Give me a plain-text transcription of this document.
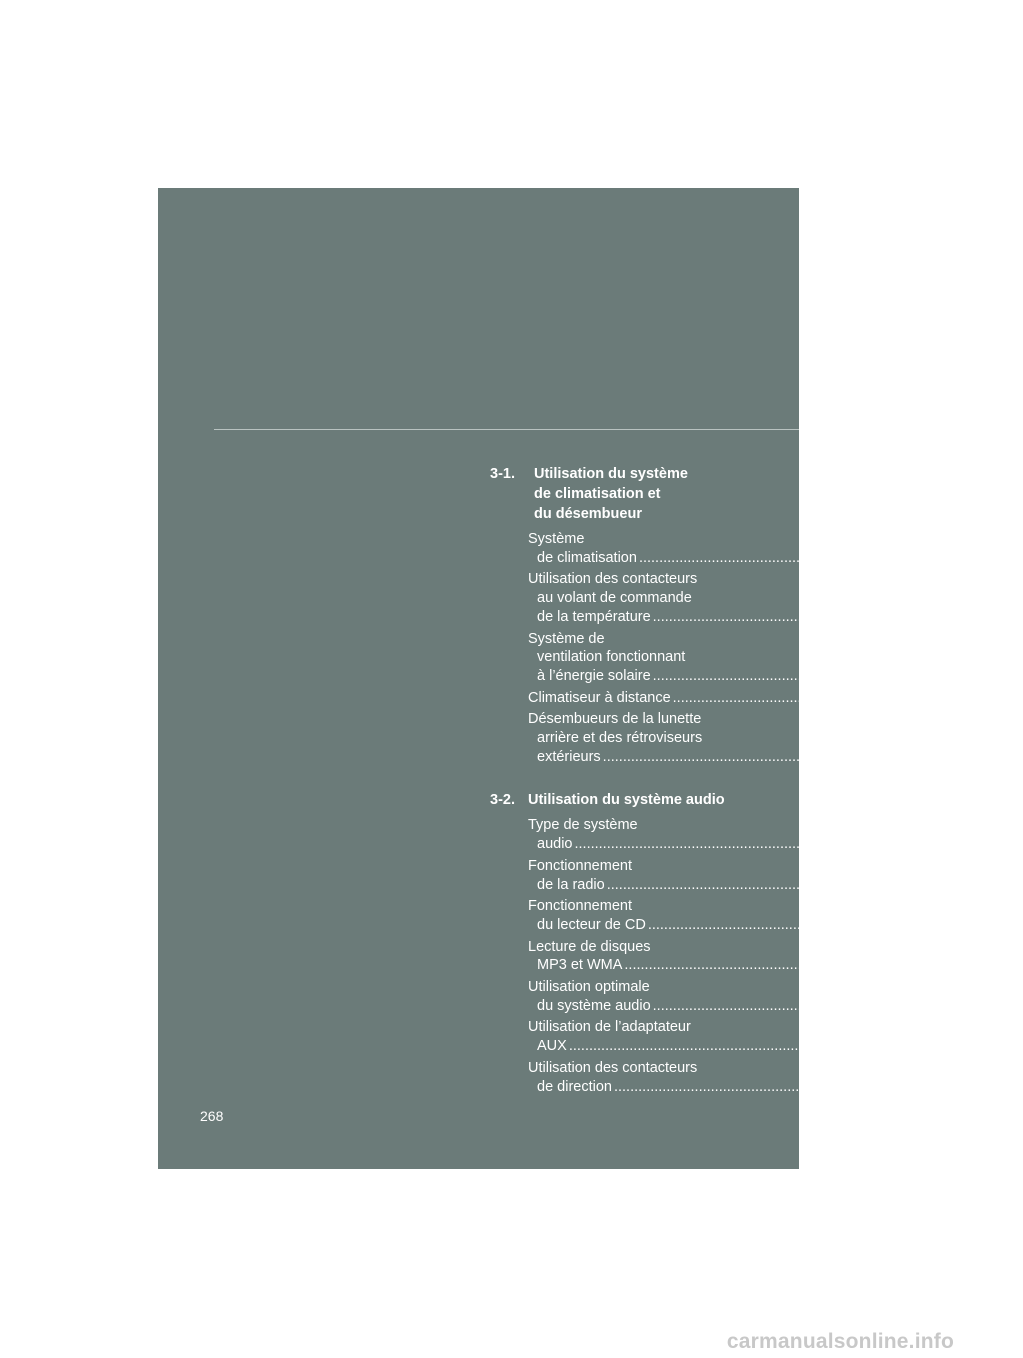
3-1.	Utilisation du système
de climatisation et
du désembueur
Système
de climatisation ................................................................................ 270
Utilisation des contacteurs
au volant de commande
de la température ................................................................................ 280
Système de
ventilation fonctionnant
à l’énergie solaire ................................................................................ 282
Climatiseur à distance ................................................................................ 285
Désembueurs de la lunette
arrière et des rétroviseurs
extérieurs ................................................................................ 289
3-2. Utilisation du système audio
Type de système
audio ................................................................................ 291
Fonctionnement
de la radio ................................................................................ 294
Fonctionnement
du lecteur de CD ................................................................................ 303
Lecture de disques
MP3 et WMA ................................................................................ 311
Utilisation optimale
du système audio ................................................................................ 319
Utilisation de l’adaptateur
AUX ................................................................................ 322
Utilisation des contacteurs
de direction ................................................................................ 323
268
carmanualsonline.info
